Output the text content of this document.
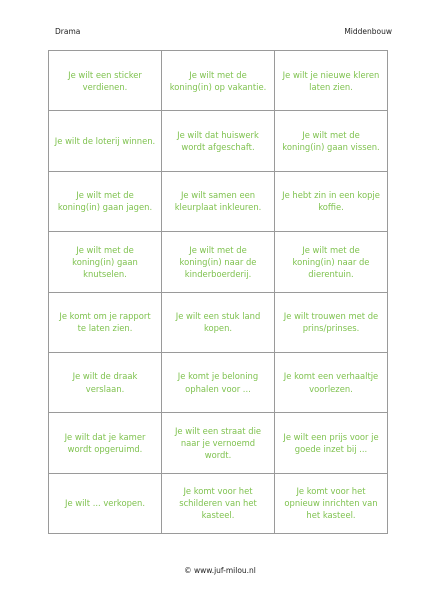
Drama	Middenbouw
Je wilt een sticker verdienen.
Je wilt met de koning(in) op vakantie.
Je wilt je nieuwe kleren laten zien.
Je wilt de loterij winnen.
Je wilt dat huiswerk wordt afgeschaft.
Je wilt met de koning(in) gaan vissen.
Je wilt met de koning(in) gaan jagen.
Je wilt samen een kleurplaat inkleuren.
Je hebt zin in een kopje koffie.
Je wilt met de koning(in) gaan knutselen.
Je wilt met de koning(in) naar de kinderboerderij.
Je wilt met de koning(in) naar de dierentuin.
Je komt om je rapport te laten zien.
Je wilt een stuk land kopen.
Je wilt trouwen met de prins/prinses.
Je wilt de draak verslaan.
Je komt je beloning ophalen voor ...
Je komt een verhaaltje voorlezen.
Je wilt dat je kamer wordt opgeruimd.
Je wilt een straat die naar je vernoemd wordt.
Je wilt een prijs voor je goede inzet bij ...
Je wilt ... verkopen.
Je komt voor het schilderen van het kasteel.
Je komt voor het opnieuw inrichten van het kasteel.
© www.juf-milou.nl
